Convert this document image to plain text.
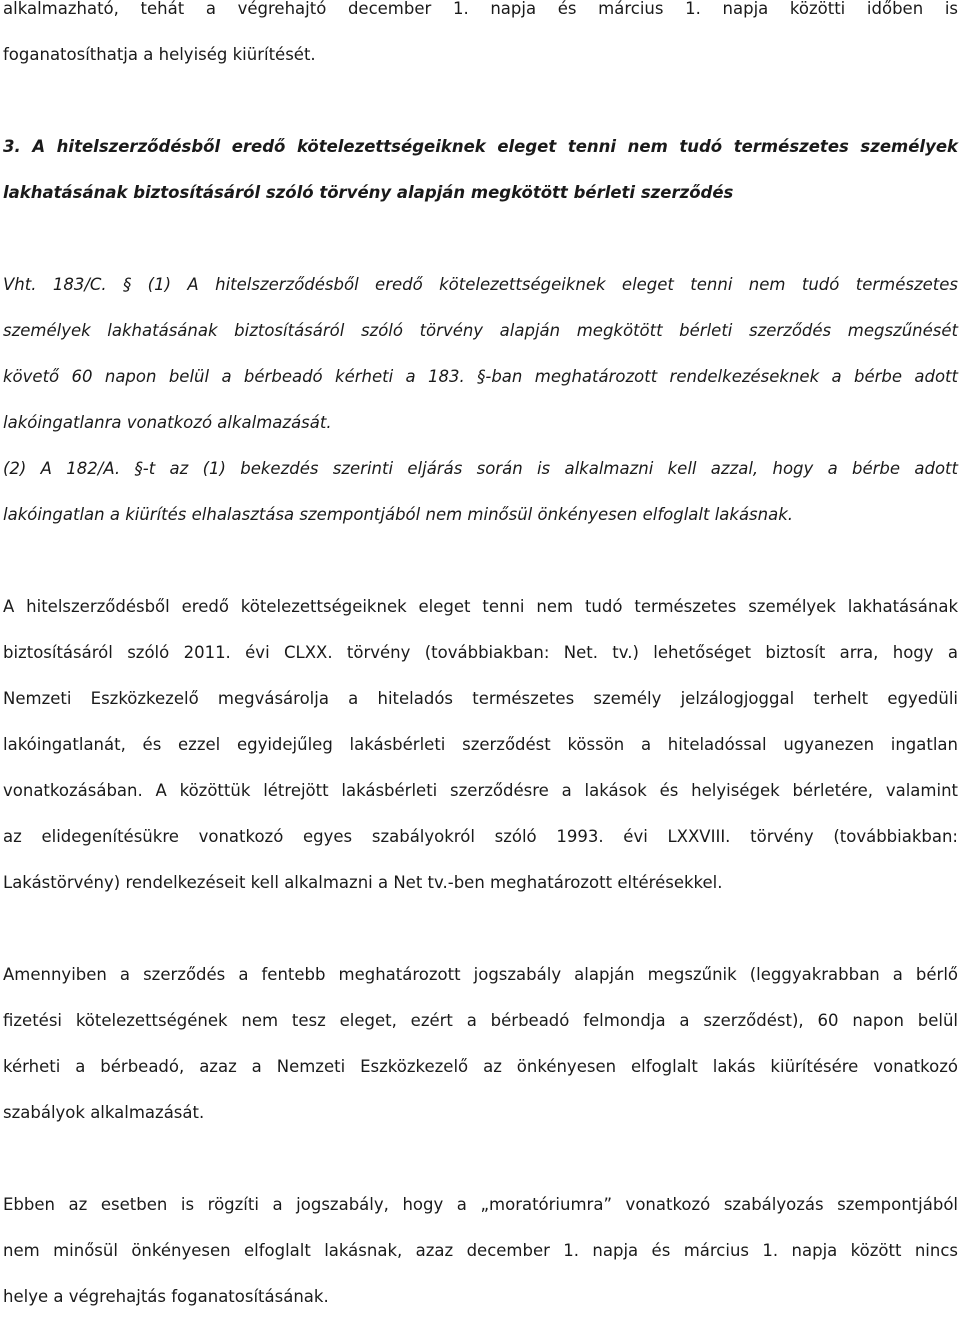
alkalmazható, tehát a végrehajtó december 1. napja és március 1. napja közötti időben is
foganatosíthatja a helyiség kiürítését.
3. A hitelszerződésből eredő kötelezettségeiknek eleget tenni nem tudó természetes személyek
lakhatásának biztosításáról szóló törvény alapján megkötött bérleti szerződés
Vht. 183/C. § (1) A hitelszerződésből eredő kötelezettségeiknek eleget tenni nem tudó természetes
személyek lakhatásának biztosításáról szóló törvény alapján megkötött bérleti szerződés megszűnését
követő 60 napon belül a bérbeadó kérheti a 183. §-ban meghatározott rendelkezéseknek a bérbe adott
lakóingatlanra vonatkozó alkalmazását.
(2) A 182/A. §-t az (1) bekezdés szerinti eljárás során is alkalmazni kell azzal, hogy a bérbe adott
lakóingatlan a kiürítés elhalasztása szempontjából nem minősül önkényesen elfoglalt lakásnak.
A hitelszerződésből eredő kötelezettségeiknek eleget tenni nem tudó természetes személyek lakhatásának
biztosításáról szóló 2011. évi CLXX. törvény (továbbiakban: Net. tv.) lehetőséget biztosít arra, hogy a
Nemzeti Eszközkezelő megvásárolja a hiteladós természetes személy jelzálogjoggal terhelt egyedüli
lakóingatlanát, és ezzel egyidejűleg lakásbérleti szerződést kössön a hiteladóssal ugyanezen ingatlan
vonatkozásában. A közöttük létrejött lakásbérleti szerződésre a lakások és helyiségek bérletére, valamint
az elidegenítésükre vonatkozó egyes szabályokról szóló 1993. évi LXXVIII. törvény (továbbiakban:
Lakástörvény) rendelkezéseit kell alkalmazni a Net tv.-ben meghatározott eltérésekkel.
Amennyiben a szerződés a fentebb meghatározott jogszabály alapján megszűnik (leggyakrabban a bérlő
fizetési kötelezettségének nem tesz eleget, ezért a bérbeadó felmondja a szerződést), 60 napon belül
kérheti a bérbeadó, azaz a Nemzeti Eszközkezelő az önkényesen elfoglalt lakás kiürítésére vonatkozó
szabályok alkalmazását.
Ebben az esetben is rögzíti a jogszabály, hogy a „moratóriumra” vonatkozó szabályozás szempontjából
nem minősül önkényesen elfoglalt lakásnak, azaz december 1. napja és március 1. napja között nincs
helye a végrehajtás foganatosításának.
